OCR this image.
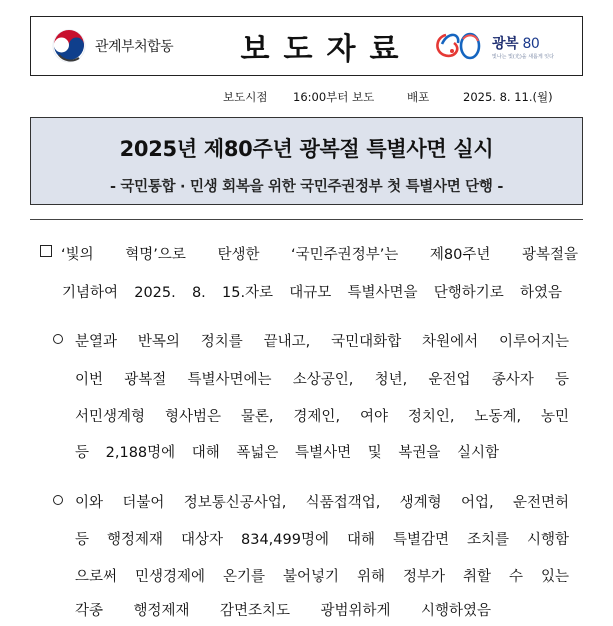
관계부처합동	보도자료	광복 80
빛나는 빛(光)을 새롭게 잇다
보도시점 16:00부터 보도	배포	2025. 8. 11.(월)
2025년 제80주년 광복절 특별사면 실시
- 국민통합 · 민생 회복을 위한 국민주권정부 첫 특별사면 단행 -
‘빛의 혁명’으로 탄생한 ‘국민주권정부’는 제80주년 광복절을
기념하여 2025. 8. 15.자로 대규모 특별사면을 단행하기로 하였음
분열과 반목의 정치를 끝내고, 국민대화합 차원에서 이루어지는
이번 광복절 특별사면에는 소상공인, 청년, 운전업 종사자 등
서민생계형 형사범은 물론, 경제인, 여야 정치인, 노동계, 농민
등 2,188명에 대해 폭넓은 특별사면 및 복권을 실시함
이와 더불어 정보통신공사업, 식품접객업, 생계형 어업, 운전면허
등 행정제재 대상자 834,499명에 대해 특별감면 조치를 시행함
으로써 민생경제에 온기를 불어넣기 위해 정부가 취할 수 있는
각종 행정제재 감면조치도 광범위하게 시행하였음
